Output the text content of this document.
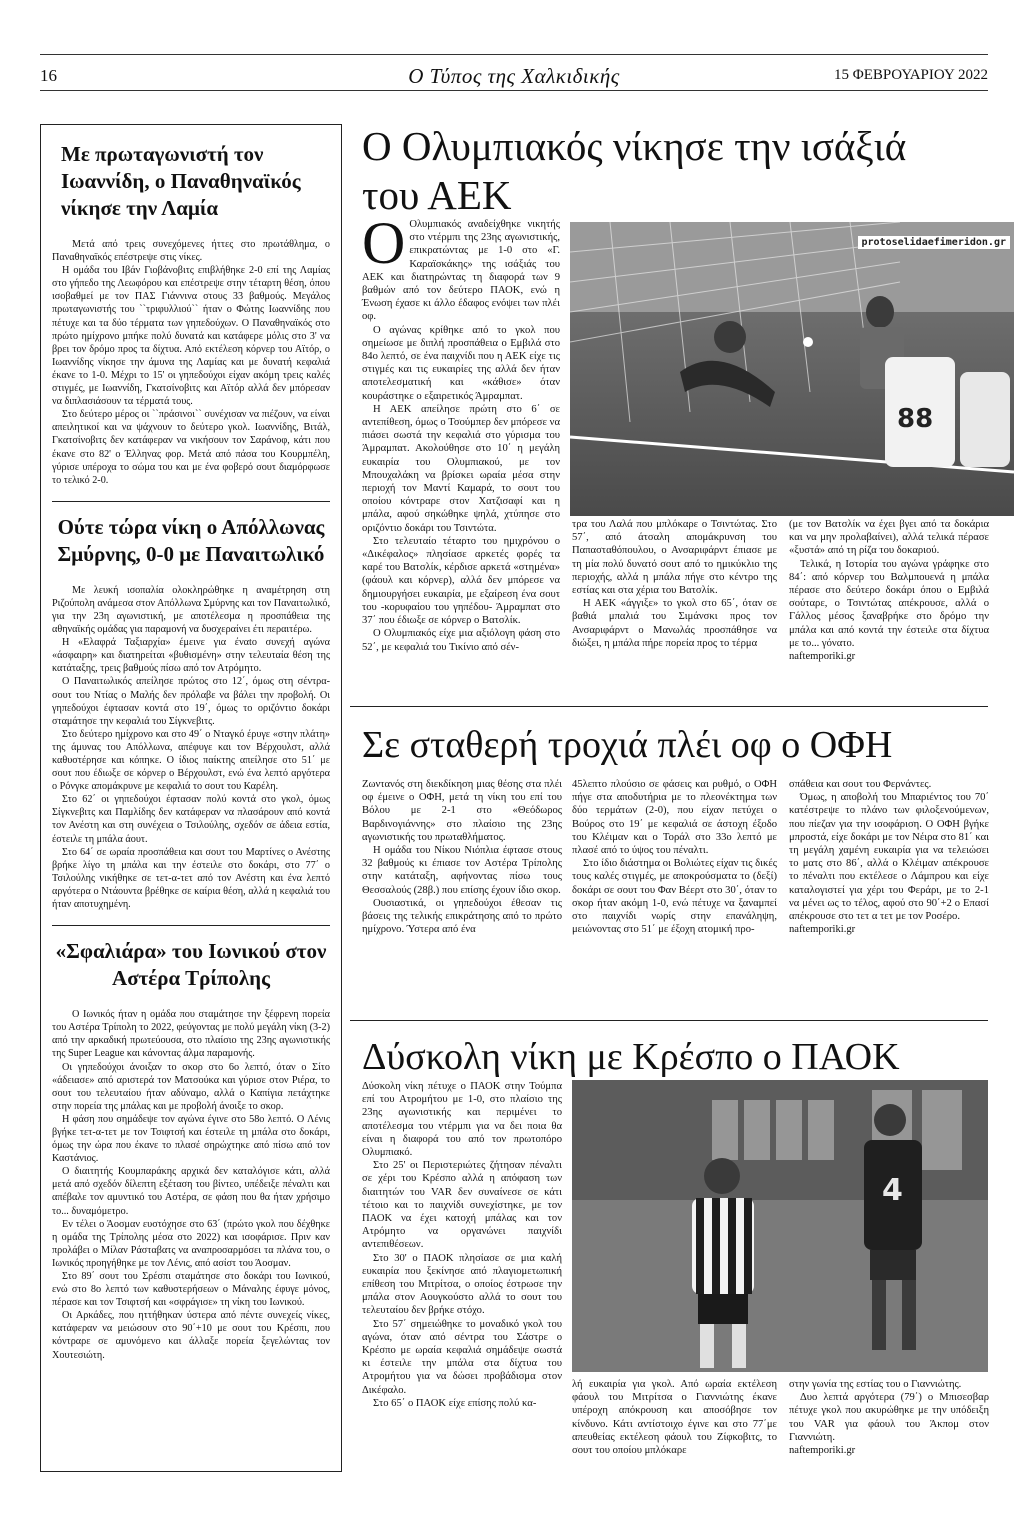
16	Ο Τύπος της Χαλκιδικής	15 ΦΕΒΡΟΥΑΡΙΟΥ 2022
Με πρωταγωνιστή τον Ιωαννίδη, ο Παναθηναϊκός νίκησε την Λαμία

Μετά από τρεις συνεχόμενες ήττες στο πρωτάθλημα, ο Παναθηναϊκός επέστρεψε στις νίκες.

Η ομάδα του Ιβάν Γιοβάνοβιτς επιβλήθηκε 2-0 επί της Λαμίας στο γήπεδο της Λεωφόρου και επέστρεψε στην τέταρτη θέση, όπου ισοβαθμεί με τον ΠΑΣ Γιάννινα στους 33 βαθμούς. Μεγάλος πρωταγωνιστής του ``τριφυλλιού`` ήταν ο Φώτης Ιωαννίδης που πέτυχε και τα δύο τέρματα των γηπεδούχων. Ο Παναθηναϊκός στο πρώτο ημίχρονο μπήκε πολύ δυνατά και κατάφερε μόλις στο 3' να βρει τον δρόμο προς τα δίχτυα. Από εκτέλεση κόρνερ του Αϊτόρ, ο Ιωαννίδης νίκησε την άμυνα της Λαμίας και με δυνατή κεφαλιά έκανε το 1-0. Μέχρι το 15' οι γηπεδούχοι είχαν ακόμη τρεις καλές στιγμές, με Ιωαννίδη, Γκατσίνοβιτς και Αϊτόρ αλλά δεν μπόρεσαν να διπλασιάσουν τα τέρματά τους.

Στο δεύτερο μέρος οι ``πράσινοι`` συνέχισαν να πιέζουν, να είναι απειλητικοί και να ψάχνουν το δεύτερο γκολ. Ιωαννίδης, Βιτάλ, Γκατσίνοβιτς δεν κατάφεραν να νικήσουν τον Σαράνοφ, κάτι που έκανε στο 82' ο Έλληνας φορ. Μετά από πάσα του Κουρμπέλη, γύρισε υπέροχα το σώμα του και με ένα φοβερό σουτ διαμόρφωσε το τελικό 2-0.

Ούτε τώρα νίκη ο Απόλλωνας Σμύρνης, 0-0 με Παναιτωλικό

Με λευκή ισοπαλία ολοκληρώθηκε η αναμέτρηση στη Ριζούπολη ανάμεσα στον Απόλλωνα Σμύρνης και τον Παναιτωλικό, για την 23η αγωνιστική, με αποτέλεσμα η προσπάθεια της αθηναϊκής ομάδας για παραμονή να δυσχεραίνει έτι περαιτέρω.

Η «Ελαφρά Ταξιαρχία» έμεινε για έναto συνεχή αγώνα «άσφαιρη» και διατηρείται «βυθισμένη» στην τελευταία θέση της κατάταξης, τρεις βαθμούς πίσω από τον Ατρόμητο.

Ο Παναιτωλικός απείλησε πρώτος στο 12΄, όμως στη σέντρα-σουτ του Ντίας ο Μαλής δεν πρόλαβε να βάλει την προβολή. Οι γηπεδούχοι έφτασαν κοντά στο 19΄, όμως το οριζόντιο δοκάρι σταμάτησε την κεφαλιά του Σίγκνεβιτς.

Στο δεύτερο ημίχρονο και στο 49΄ ο Νταγκό έρυγε «στην πλάτη» της άμυνας του Απόλλωνα, απέφυγε και τον Βέρχουλστ, αλλά καθυστέρησε και κόπηκε. Ο ίδιος παίκτης απείλησε στο 51΄ με σουτ που έδιωξε σε κόρνερ ο Βέρχουλστ, ενώ ένα λεπτό αργότερα ο Ρόνγκε απομάκρυνε με κεφαλιά το σουτ του Καρέλη.

Στο 62΄ οι γηπεδούχοι έφτασαν πολύ κοντά στο γκολ, όμως Σίγκνεβιτς και Παμλίδης δεν κατάφεραν να πλασάρουν από κοντά τον Ανέστη και στη συνέχεια ο Τσιλούλης, σχεδόν σε άδεια εστία, έστειλε τη μπάλα άουτ.

Στο 64΄ σε ωραία προσπάθεια και σουτ του Μαρτίνες ο Ανέστης βρήκε λίγο τη μπάλα και την έστειλε στο δοκάρι, στο 77΄ ο Τσιλούλης νικήθηκε σε τετ-α-τετ από τον Ανέστη και ένα λεπτό αργότερα ο Ντάουντα βρέθηκε σε καίρια θέση, αλλά η κεφαλιά του ήταν αποτυχημένη.

«Σφαλιάρα» του Ιωνικού στον Αστέρα Τρίπολης

Ο Ιωνικός ήταν η ομάδα που σταμάτησε την ξέφρενη πορεία του Αστέρα Τρίπολη το 2022, φεύγοντας με πολύ μεγάλη νίκη (3-2) από την αρκαδική πρωτεύουσα, στο πλαίσιο της 23ης αγωνιστικής της Super League και κάνοντας άλμα παραμονής.

Οι γηπεδούχοι άνοιξαν το σκορ στο 6ο λεπτό, όταν ο Σίτο «άδειασε» από αριστερά τον Ματσούκα και γύρισε στον Ριέρα, το σουτ του τελευταίου ήταν αδύναμο, αλλά ο Καπίγια πετάχτηκε στην πορεία της μπάλας και με προβολή άνοιξε το σκορ.

Η φάση που σημάδεψε τον αγώνα έγινε στο 58ο λεπτό. Ο Λένις βγήκε τετ-α-τετ με τον Τσιφτσή και έστειλε τη μπάλα στο δοκάρι, όμως την ώρα που έκανε το πλασέ σηρώχτηκε από πίσω από τον Καστάνιος.

Ο διαιτητής Κουμπαράκης αρχικά δεν καταλόγισε κάτι, αλλά μετά από σχεδόν δίλεπτη εξέταση του βίντεο, υπέδειξε πέναλτι και απέβαλε τον αμυντικό του Αστέρα, σε φάση που θα ήταν χρήσιμο το... δυναμόμετρο.

Εν τέλει ο Άοσμαν ευστόχησε στο 63΄ (πρώτο γκολ που δέχθηκε η ομάδα της Τρίπολης μέσα στο 2022) και ισοφάρισε. Πριν καν προλάβει ο Μίλαν Ράσταβατς να αναπροσαρμόσει τα πλάνα του, ο Ιωνικός προηγήθηκε με τον Λένις, από ασίστ του Άοσμαν.

Στο 89΄ σουτ του Σρέσπι σταμάτησε στο δοκάρι του Ιωνικού, ενώ στο 8ο λεπτό των καθυστερήσεων ο Μάναλης έφυγε μόνος, πέρασε και τον Τσιφτσή και «σφράγισε» τη νίκη του Ιωνικού.

Οι Αρκάδες, που ηττήθηκαν ύστερα από πέντε συνεχείς νίκες, κατάφεραν να μειώσουν στο 90΄+10 με σουτ του Κρέσπι, που κόντραρε σε αμυνόμενο και άλλαξε πορεία ξεγελώντας τον Χουτεσιώτη.

Ο Ολυμπιακός νίκησε την ισάξιά του ΑΕΚ
Ο Ολυμπιακός αναδείχθηκε νικητής στο ντέρμπι της 23ης αγωνιστικής, επικρατώντας με 1-0 στο «Γ. Καραϊσκάκης» της ισάξιάς του ΑΕΚ και διατηρώντας τη διαφορά των 9 βαθμών από τον δεύτερο ΠΑΟΚ, ενώ η Ένωση έχασε κι άλλο έδαφος ενόψει των πλέι οφ.

Ο αγώνας κρίθηκε από το γκολ που σημείωσε με διπλή προσπάθεια ο Εμβιλά στο 84ο λεπτό, σε ένα παιχνίδι που η ΑΕΚ είχε τις στιγμές και τις ευκαιρίες της αλλά δεν ήταν αποτελεσματική και «κάθισε» όταν κουράστηκε ο εξαιρετικός Άμραμπατ.

Η ΑΕΚ απείλησε πρώτη στο 6΄ σε αντεπίθεση, όμως ο Τσούμπερ δεν μπόρεσε να πιάσει σωστά την κεφαλιά στο γύρισμα του Άμραμπατ. Ακολούθησε στο 10΄ η μεγάλη ευκαιρία του Ολυμπιακού, με τον Μπουχαλάκη να βρίσκει ωραία μέσα στην περιοχή τον Μαντί Καμαρά, το σουτ του οποίου κόντραρε στον Χατζισαφί και η μπάλα, αφού σηκώθηκε ψηλά, χτύπησε στο οριζόντιο δοκάρι του Τσιντώτα.

Στο τελευταίο τέταρτο του ημιχρόνου ο «Δικέφαλος» πλησίασε αρκετές φορές τα καρέ του Βατσλίκ, κέρδισε αρκετά «στημένα» (φάουλ και κόρνερ), αλλά δεν μπόρεσε να δημιουργήσει ευκαιρία, με εξαίρεση ένα σουτ του -κορυφαίου του γηπέδου- Άμραμπατ στο 37΄ που έδιωξε σε κόρνερ ο Βατσλίκ.

Ο Ολυμπιακός είχε μια αξιόλογη φάση στο 52΄, με κεφαλιά του Τικίνιο από σέν-

88
protoselidaefimeridon.gr

τρα του Λαλά που μπλόκαρε ο Τσιντώτας. Στο 57΄, από άτσαλη απομάκρυνση του Παπασταθόπουλου, ο Ανσαριφάρντ έπιασε με τη μία πολύ δυνατό σουτ από το ημικύκλιο της περιοχής, αλλά η μπάλα πήγε στο κέντρο της εστίας και στα χέρια του Βατσλίκ.

Η ΑΕΚ «άγγιξε» το γκολ στο 65΄, όταν σε βαθιά μπαλιά του Σιμάνσκι προς τον Ανσαριφάρντ ο Μανωλάς προσπάθησε να διώξει, η μπάλα πήρε πορεία προς το τέρμα

(με τον Βατσλίκ να έχει βγει από τα δοκάρια και να μην προλαβαίνει), αλλά τελικά πέρασε «ξυστά» από τη ρίζα του δοκαριού.

Τελικά, η Ιστορία του αγώνα γράφηκε στο 84΄: από κόρνερ του Βαλμπουενά η μπάλα πέρασε στο δεύτερο δοκάρι όπου ο Εμβιλά σούταρε, ο Τσιντώτας απέκρουσε, αλλά ο Γάλλος μέσος ξαναβρήκε στο δρόμο την μπάλα και από κοντά την έστειλε στα δίχτυα με το... γόνατο.

naftemporiki.gr

Σε σταθερή τροχιά πλέι οφ ο ΟΦΗ

Ζωντανός στη διεκδίκηση μιας θέσης στα πλέι οφ έμεινε ο ΟΦΗ, μετά τη νίκη του επί του Βόλου με 2-1 στο «Θεόδωρος Βαρδινογιάννης» στο πλαίσιο της 23ης αγωνιστικής του πρωταθλήματος.

Η ομάδα του Νίκου Νιόπλια έφτασε στους 32 βαθμούς κι έπιασε τον Αστέρα Τρίπολης στην κατάταξη, αφήνοντας πίσω τους Θεσσαλούς (28β.) που επίσης έχουν ίδιο σκορ.

Ουσιαστικά, οι γηπεδούχοι έθεσαν τις βάσεις της τελικής επικράτησης από το πρώτο ημίχρονο. Ύστερα από ένα

45λεπτο πλούσιο σε φάσεις και ρυθμό, ο ΟΦΗ πήγε στα αποδυτήρια με το πλεονέκτημα των δύο τερμάτων (2-0), που είχαν πετύχει ο Βούρος στο 19΄ με κεφαλιά σε άστοχη έξοδο του Κλέιμαν και ο Τοράλ στο 33ο λεπτό με πλασέ από το ύψος του πέναλτι.

Στο ίδιο διάστημα οι Βολιώτες είχαν τις δικές τους καλές στιγμές, με αποκρούσματα το (δεξί) δοκάρι σε σουτ του Φαν Βέερτ στο 30΄, όταν το σκορ ήταν ακόμη 1-0, ενώ πέτυχε να ξαναμπεί στο παιχνίδι νωρίς στην επανάληψη, μειώνοντας στο 51΄ με έξοχη ατομική προ-

σπάθεια και σουτ του Φερνάντες.

Όμως, η αποβολή του Μπαριέντος του 70΄ κατέστρεψε το πλάνο των φιλοξενούμενων, που πίεζαν για την ισοφάριση. Ο ΟΦΗ βγήκε μπροστά, είχε δοκάρι με τον Νέιρα στο 81΄ και τη μεγάλη χαμένη ευκαιρία για να τελειώσει το ματς στο 86΄, αλλά ο Κλέιμαν απέκρουσε το πέναλτι που εκτέλεσε ο Λάμπρου και είχε καταλογιστεί για χέρι του Φεράρι, με το 2-1 να μένει ως το τέλος, αφού στο 90΄+2 ο Επασί απέκρουσε στο τετ α τετ με τον Ροσέρο.

naftemporiki.gr

Δύσκολη νίκη με Κρέσπο ο ΠΑΟΚ

Δύσκολη νίκη πέτυχε ο ΠΑΟΚ στην Τούμπα επί του Ατρομήτου με 1-0, στο πλαίσιο της 23ης αγωνιστικής και περιμένει το αποτέλεσμα του ντέρμπι για να δει ποια θα είναι η διαφορά του από τον πρωτοπόρο Ολυμπιακό.

Στο 25' οι Περιστεριώτες ζήτησαν πέναλτι σε χέρι του Κρέσπο αλλά η απόφαση των διαιτητών του VAR δεν συναίνεσε σε κάτι τέτοιο και το παιχνίδι συνεχίστηκε, με τον ΠΑΟΚ να έχει κατοχή μπάλας και τον Ατρόμητο να οργανώνει παιχνίδι αντεπιθέσεων.

Στο 30' ο ΠΑΟΚ πλησίασε σε μια καλή ευκαιρία που ξεκίνησε από πλαγιομετωπική επίθεση του Μιτρίτσα, ο οποίος έστρωσε την μπάλα στον Αουγκούστο αλλά το σουτ του τελευταίου δεν βρήκε στόχο.

Στο 57΄ σημειώθηκε το μοναδικό γκολ του αγώνα, όταν από σέντρα του Σάστρε ο Κρέσπο με ωραία κεφαλιά σημάδεψε σωστά κι έστειλε την μπάλα στα δίχτυα του Ατρομήτου για να δώσει προβάδισμα στον Δικέφαλο.

Στο 65΄ ο ΠΑΟΚ είχε επίσης πολύ κα-

4

λή ευκαιρία για γκολ. Από ωραία εκτέλεση φάουλ του Μιτρίτσα ο Γιαννιώτης έκανε υπέροχη απόκρουση και αποσόβησε τον κίνδυνο. Κάτι αντίστοιχο έγινε και στο 77΄με απευθείας εκτέλεση φάουλ του Ζίφκοβιτς, το σουτ του οποίου μπλόκαρε

στην γωνία της εστίας του ο Γιαννιώτης.

Δυο λεπτά αργότερα (79΄) ο Μπισεσβαρ πέτυχε γκολ που ακυρώθηκε με την υπόδειξη του VAR για φάουλ του Άκπομ στον Γιαννιώτη.

naftemporiki.gr
